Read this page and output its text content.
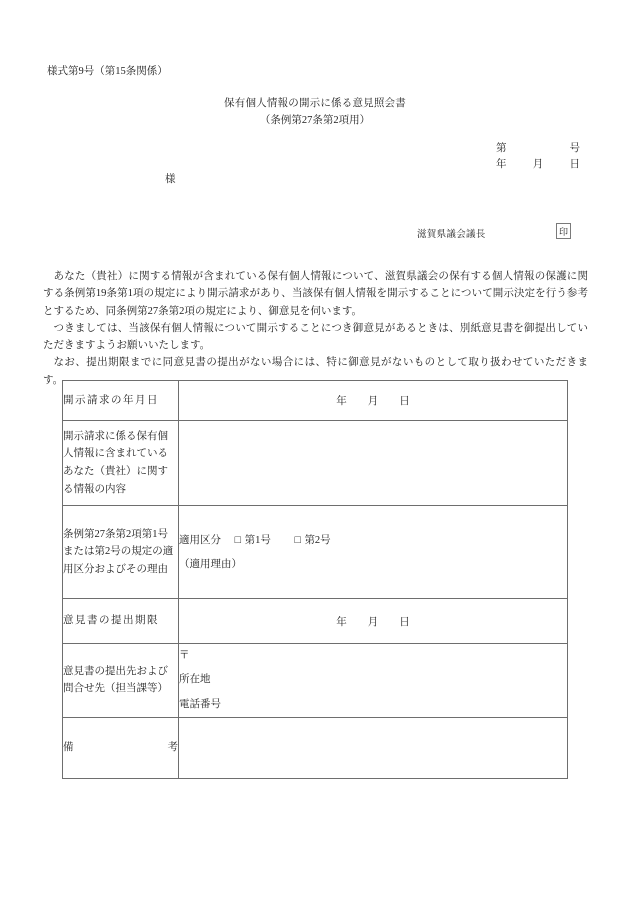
様式第9号（第15条関係）
保有個人情報の開示に係る意見照会書
（条例第27条第2項用）
第	号
年	月	日
様
滋賀県議会議長	印

あなた（貴社）に関する情報が含まれている保有個人情報について、滋賀県議会の保有する個人情報の保護に関する条例第19条第1項の規定により開示請求があり、当該保有個人情報を開示することについて開示決定を行う参考とするため、同条例第27条第2項の規定により、御意見を伺います。

つきましては、当該保有個人情報について開示することにつき御意見があるときは、別紙意見書を御提出していただきますようお願いいたします。

なお、提出期限までに同意見書の提出がない場合には、特に御意見がないものとして取り扱わせていただきます。

開示請求の年月日	年　　月　　日
開示請求に係る保有個人情報に含まれているあなた（貴社）に関する情報の内容	
条例第27条第2項第1号または第2号の規定の適用区分およびその理由	適用区分 □ 第1号 □ 第2号
（適用理由）

意見書の提出期限	年　　月　　日
意見書の提出先および問合せ先（担当課等）	〒
所在地
電話番号

備 考	
